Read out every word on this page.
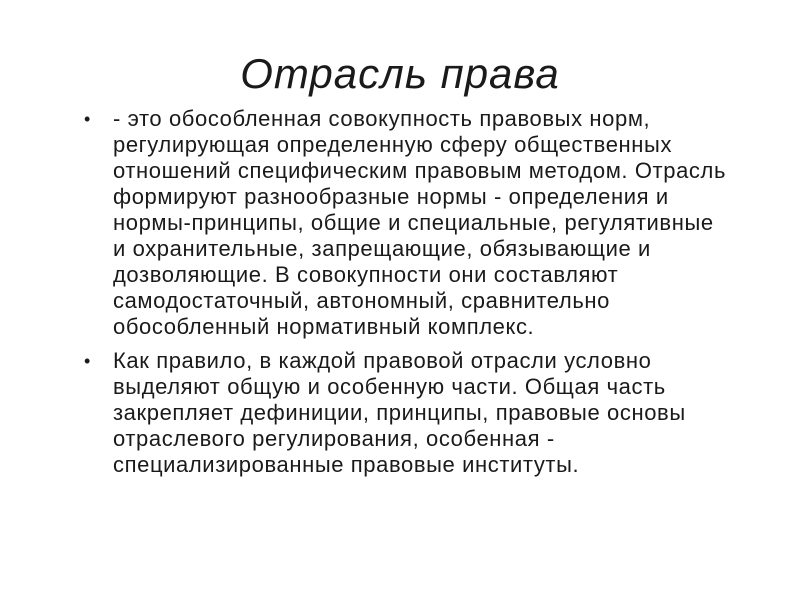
Отрасль права
• - это обособленная совокупность правовых норм, регулирующая определенную сферу общественных отношений специфическим правовым методом. Отрасль формируют разнообразные нормы - определения и нормы-принципы, общие и специальные, регулятивные и охранительные, запрещающие, обязывающие и дозволяющие. В совокупности они составляют самодостаточный, автономный, сравнительно обособленный нормативный комплекс.
• Как правило, в каждой правовой отрасли условно выделяют общую и особенную части. Общая часть закрепляет дефиниции, принципы, правовые основы отраслевого регулирования, особенная - специализированные правовые институты.
